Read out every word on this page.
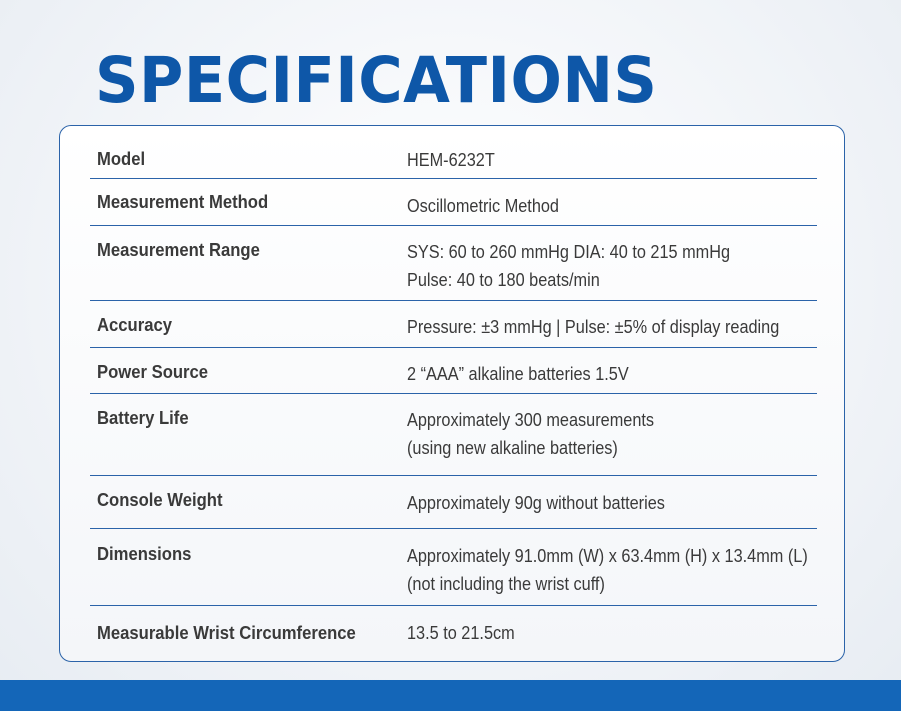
SPECIFICATIONS
Model	HEM-6232T
Measurement Method	Oscillometric Method
Measurement Range	SYS: 60 to 260 mmHg DIA: 40 to 215 mmHg
Pulse: 40 to 180 beats/min
Accuracy	Pressure: ±3 mmHg | Pulse: ±5% of display reading
Power Source	2 “AAA” alkaline batteries 1.5V
Battery Life	Approximately 300 measurements
(using new alkaline batteries)
Console Weight	Approximately 90g without batteries
Dimensions	Approximately 91.0mm (W) x 63.4mm (H) x 13.4mm (L)
(not including the wrist cuff)
Measurable Wrist Circumference	13.5 to 21.5cm
